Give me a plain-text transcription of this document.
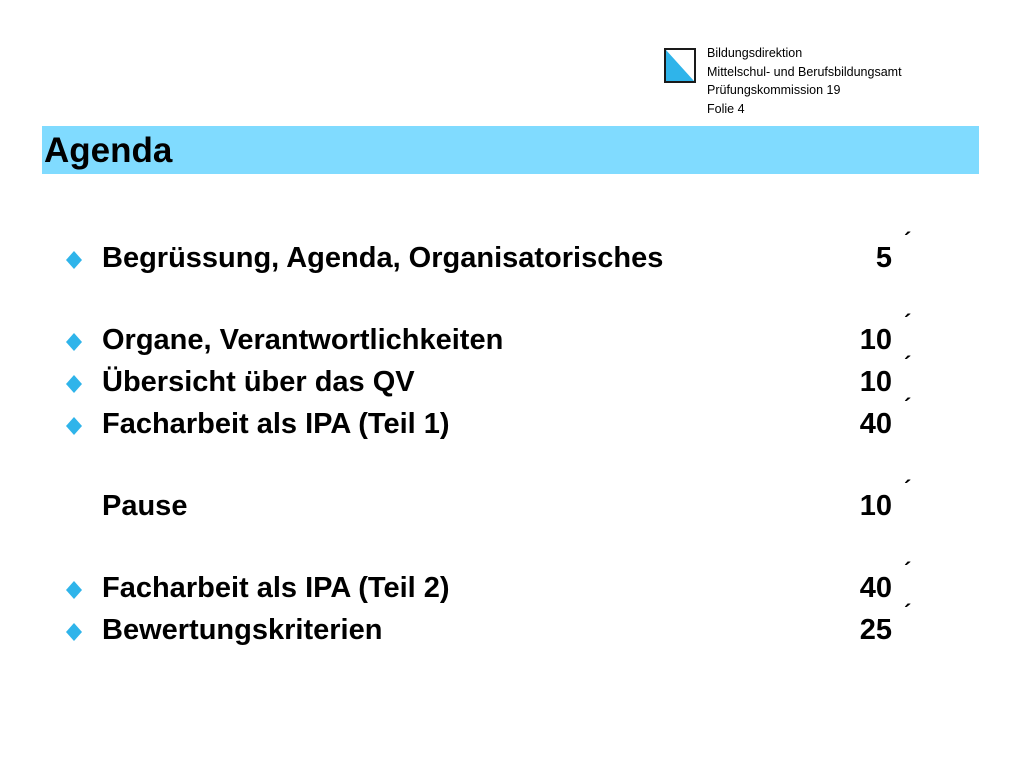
Bildungsdirektion
Mittelschul- und Berufsbildungsamt
Prüfungskommission 19
Folie 4
Agenda
Begrüssung, Agenda, Organisatorisches	5
´
Organe, Verantwortlichkeiten	10
´
Übersicht über das QV	10
´
Facharbeit als IPA (Teil 1)	40
´
Pause	10
´
Facharbeit als IPA (Teil 2)	40
´
Bewertungskriterien	25
´
